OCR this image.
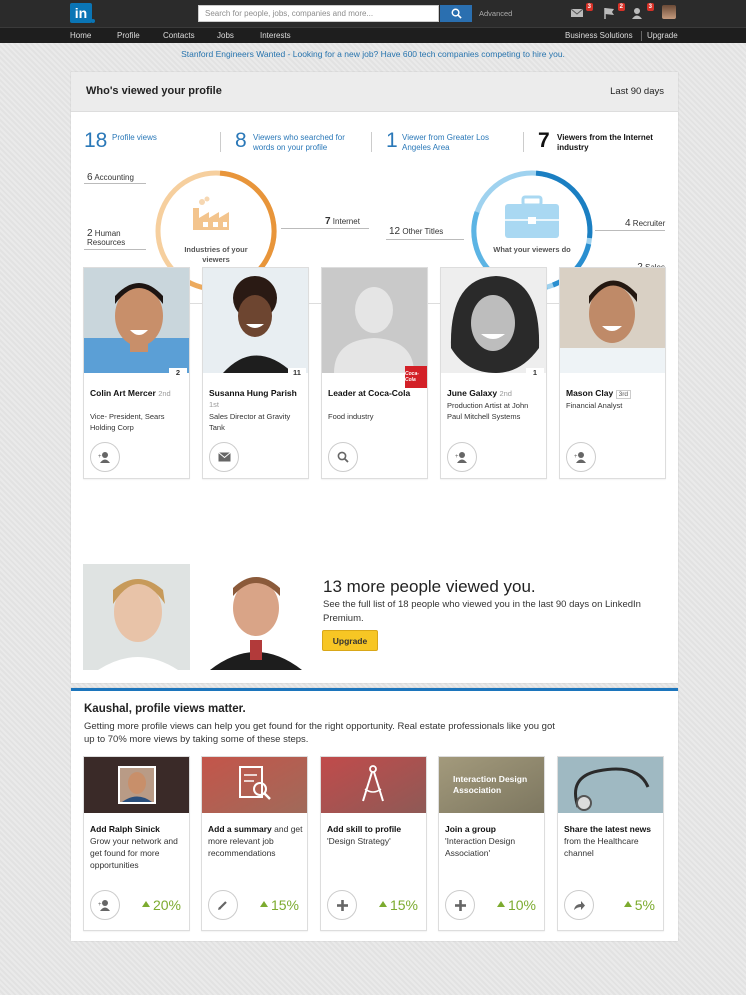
in
Search for people, jobs, companies and more...	Advanced
3	2	3
Home	Profile	Contacts	Jobs	Interests	Business Solutions Upgrade
Stanford Engineers Wanted - Looking for a new job? Have 600 tech companies competing to hire you.
Who's viewed your profile	Last 90 days
18 Profile views	8 Viewers who searched for words on your profile	1 Viewer from Greater Los Angeles Area	7 Viewers from the Internet industry
6 Accounting
2 Human Resources
7 Internet
Industries of your viewers
12 Other Titles
4 Recruiter
What your viewers do
2
Colin Art Mercer 2nd
Vice- President, Sears Holding Corp
+
11
Susanna Hung Parish 1st
Sales Director at Gravity Tank
Coca-Cola
Leader at Coca-Cola
Food industry
1
June Galaxy 2nd
Production Artist at John Paul Mitchell Systems
+
Mason Clay 3rd
Financial Analyst
+
13 more people viewed you.
See the full list of 18 people who viewed you in the last 90 days on LinkedIn Premium.
Upgrade
Kaushal, profile views matter.
Getting more profile views can help you get found for the right opportunity. Real estate professionals like you got up to 70% more views by taking some of these steps.
Add Ralph Sinick
Grow your network and get found for more opportunities
+	20%
Add a summary and get more relevant job recommendations
15%
Add skill to profile
'Design Strategy'
15%
Interaction Design Association
Join a group
'Interaction Design Association'
10%
Share the latest news from the Healthcare channel
5%
